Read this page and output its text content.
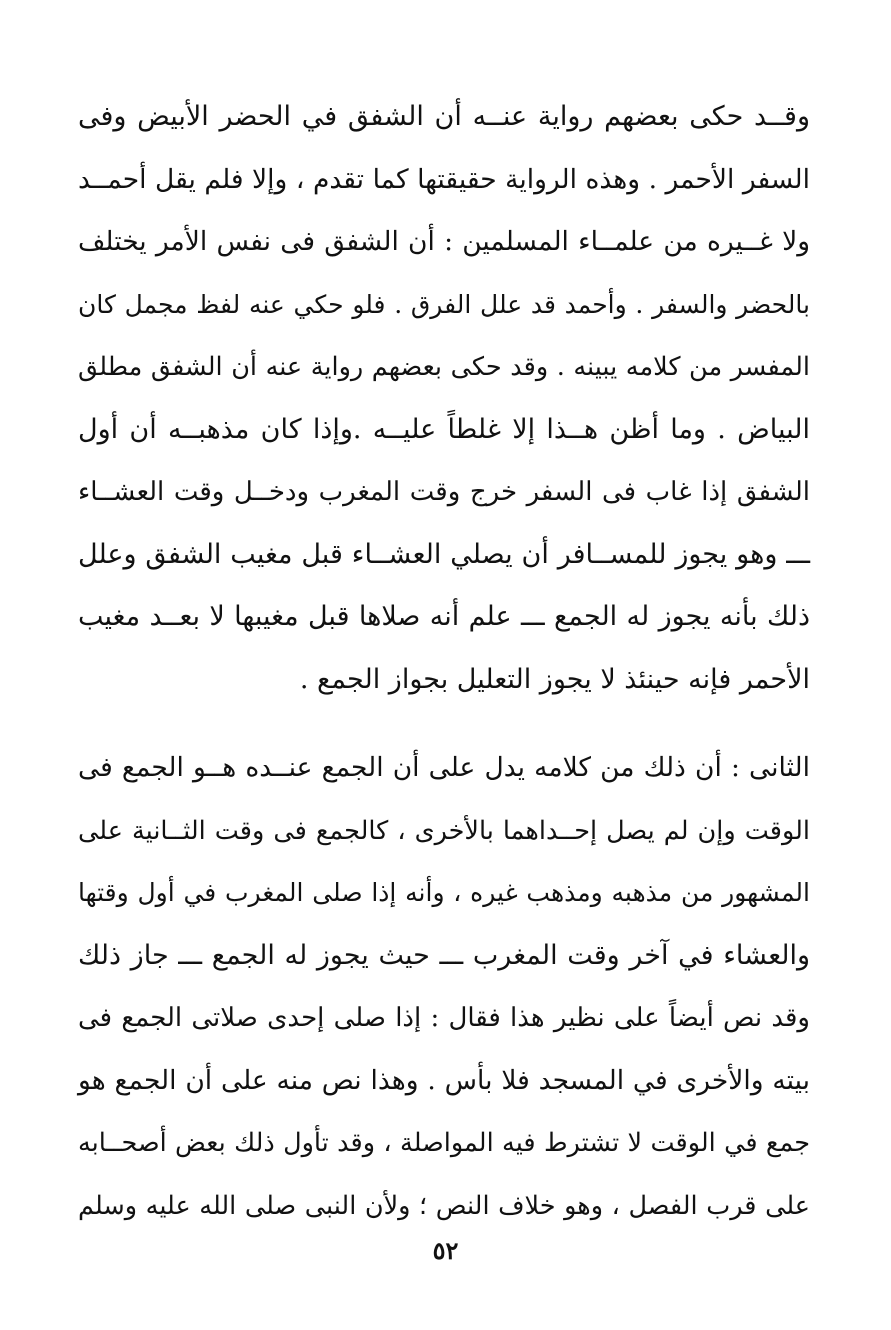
وقــد حكى بعضهم رواية عنــه أن الشفق في الحضر الأبيض وفى
السفر الأحمر . وهذه الرواية حقيقتها كما تقدم ، وإلا فلم يقل أحمــد
ولا غــيره من علمــاء المسلمين : أن الشفق فى نفس الأمر يختلف
بالحضر والسفر . وأحمد قد علل الفرق . فلو حكي عنه لفظ مجمل كان
المفسر من كلامه يبينه . وقد حكى بعضهم رواية عنه أن الشفق مطلق
البياض . وما أظن هــذا إلا غلطاً عليــه .وإذا كان مذهبــه أن أول
الشفق إذا غاب فى السفر خرج وقت المغرب ودخــل وقت العشــاء
ـــ وهو يجوز للمســافر أن يصلي العشــاء قبل مغيب الشفق وعلل
ذلك بأنه يجوز له الجمع ـــ علم أنه صلاها قبل مغيبها لا بعــد مغيب
الأحمر فإنه حينئذ لا يجوز التعليل بجواز الجمع .
الثانى : أن ذلك من كلامه يدل على أن الجمع عنــده هــو الجمع فى
الوقت وإن لم يصل إحــداهما بالأخرى ، كالجمع فى وقت الثــانية على
المشهور من مذهبه ومذهب غيره ، وأنه إذا صلى المغرب في أول وقتها
والعشاء في آخر وقت المغرب ـــ حيث يجوز له الجمع ـــ جاز ذلك
وقد نص أيضاً على نظير هذا فقال : إذا صلى إحدى صلاتى الجمع فى
بيته والأخرى في المسجد فلا بأس . وهذا نص منه على أن الجمع هو
جمع في الوقت لا تشترط فيه المواصلة ، وقد تأول ذلك بعض أصحــابه
على قرب الفصل ، وهو خلاف النص ؛ ولأن النبى صلى الله عليه وسلم
٥٢
